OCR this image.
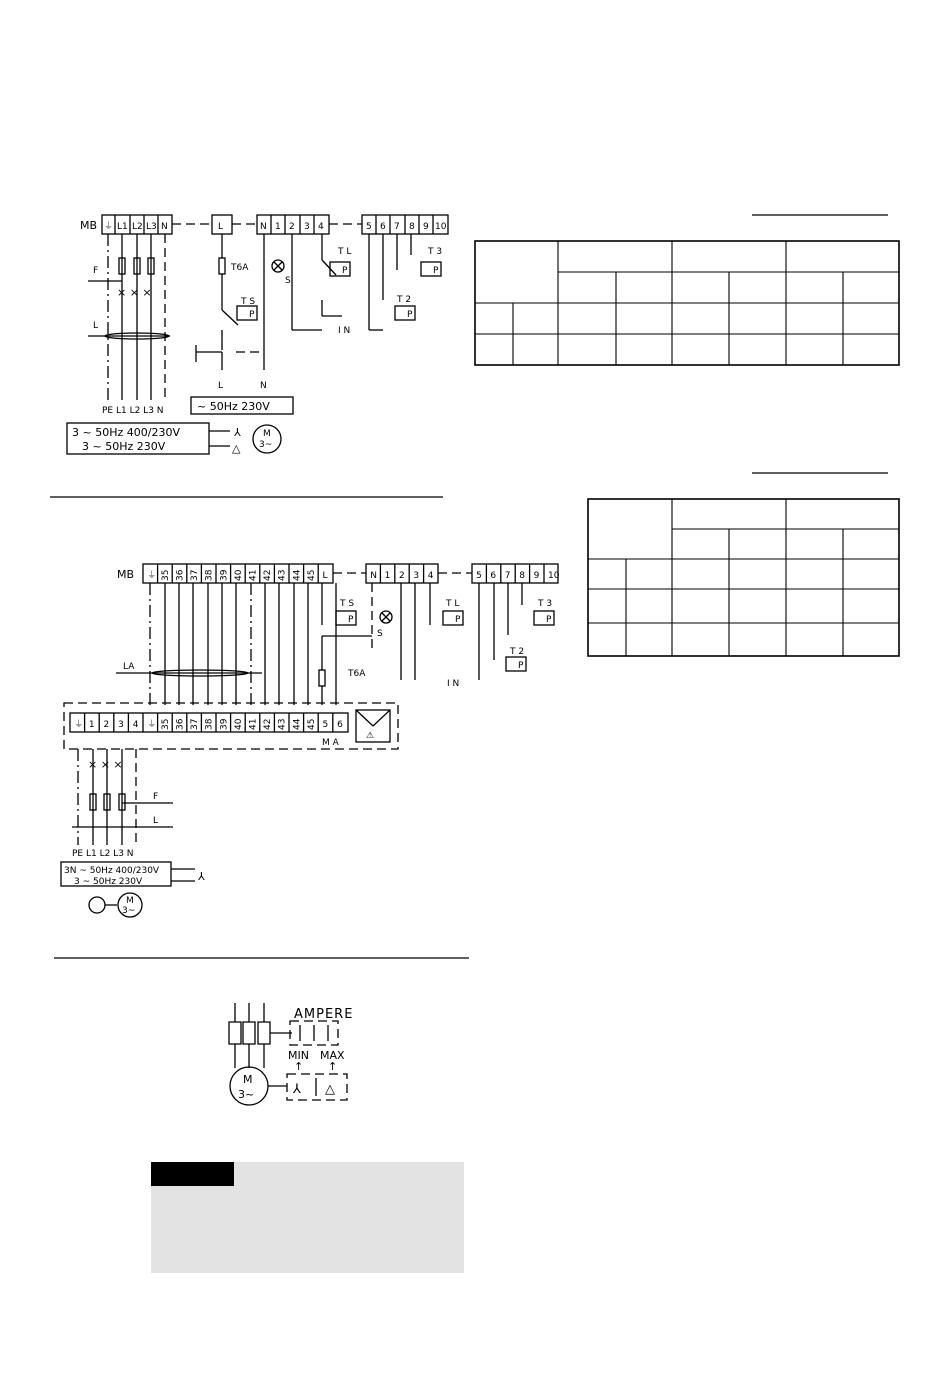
MB ⏚ L1 L2 L3 N	L	N 1 2 3 4	5 6 7 8 9 10
F
× × ×
L
T6A
T S
P
S
T L
P
I N
T 2
P
T 3
P
L	N
PE L1 L2 L3 N	~ 50Hz 230V
3 ~ 50Hz 400/230V
3 ~ 50Hz 230V
⅄
△
M
3~
MB ⏚ 35 36 37 38 39 40 41 42 43 44 45 L	N 1 2 3 4	5 6 7 8 9 10
LA
T S
P
T6A
S
T L
P
I N
T 2
P
T 3
P
⏚ 1 2 3 4 ⏚ 35 36 37 38 39 40 41 42 43 44 45 5 6
⚠
M A
× × ×
F
L
PE L1 L2 L3 N
3N ~ 50Hz 400/230V
3 ~ 50Hz 230V	⅄
M
3~
M
3~
AMPERE
MIN MAX
↑ ↑
⅄ △
